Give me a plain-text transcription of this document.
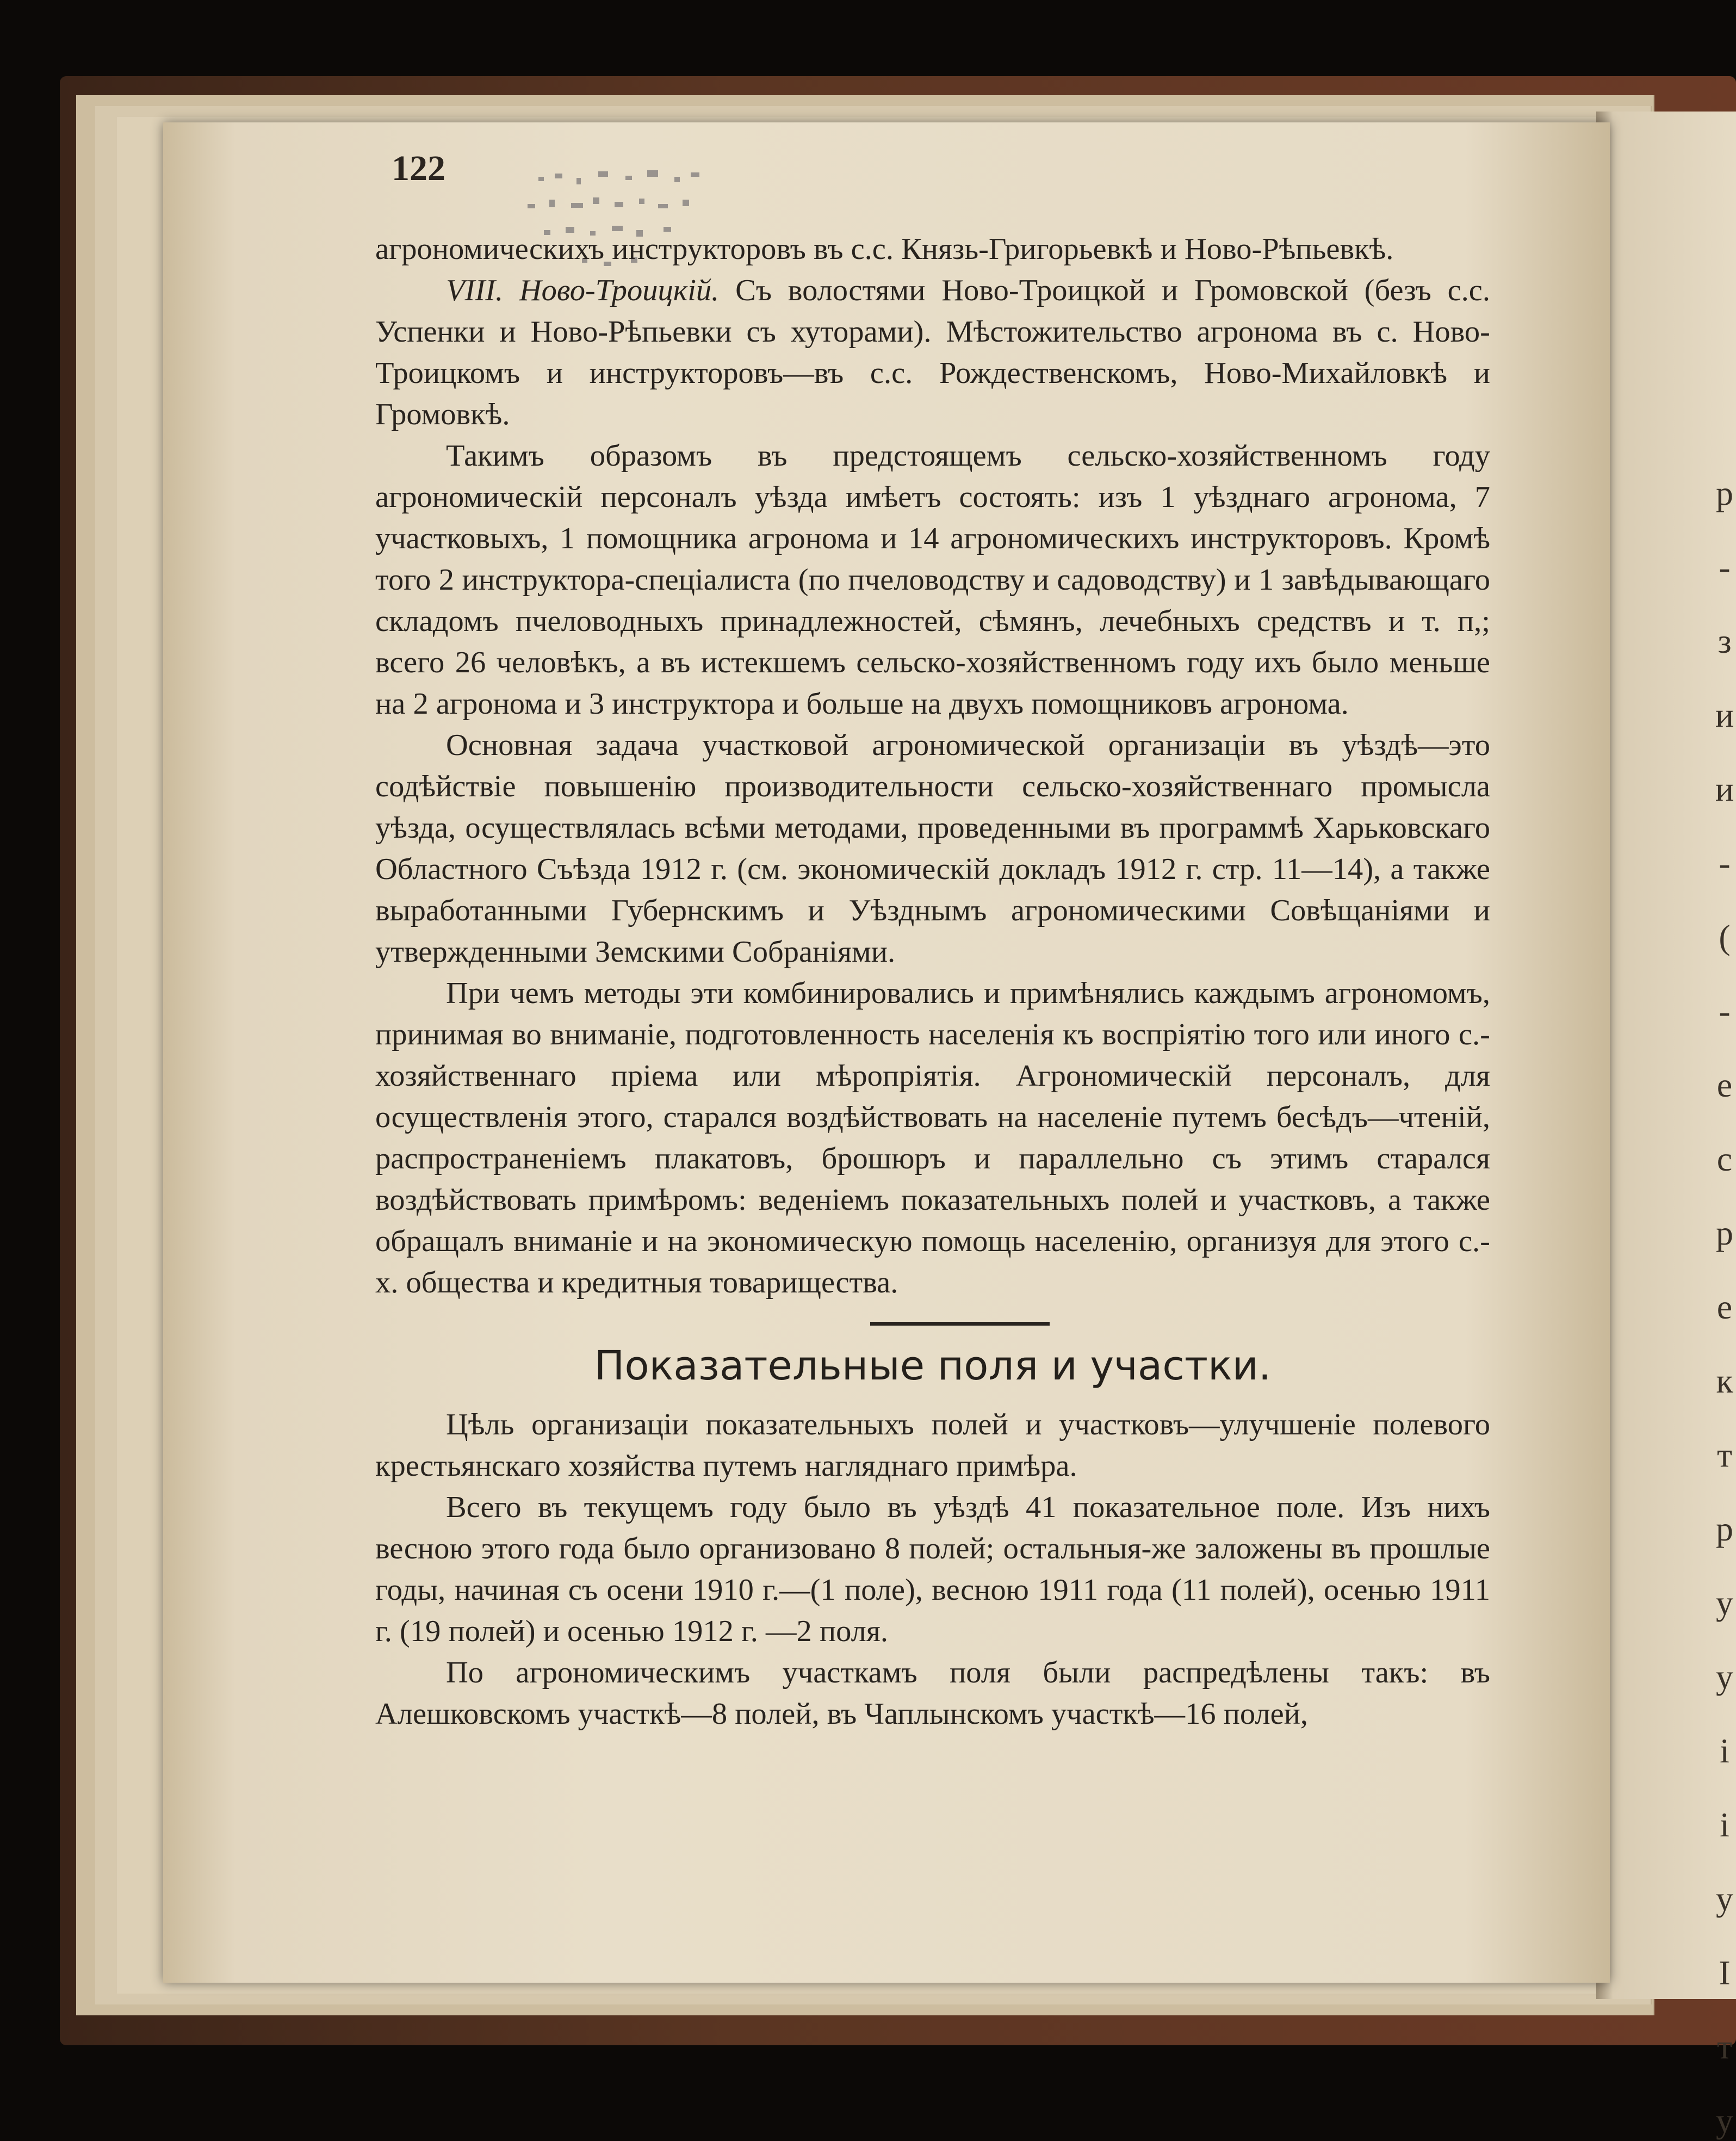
р
-
з
и
и
-
(
-
е
с
р
е
к
т
р
у
у
і
і
у
І
т
у
122

агрономическихъ инструкторовъ въ с.с. Князь-Григорьевкѣ и Ново-Рѣпьевкѣ.

VIII. Ново-Троицкій. Съ волостями Ново-Троицкой и Громовской (безъ с.с. Успенки и Ново-Рѣпьевки съ хуторами). Мѣстожительство агронома въ с. Ново-Троицкомъ и инструкторовъ—въ с.с. Рождественскомъ, Ново-Михайловкѣ и Громовкѣ.

Такимъ образомъ въ предстоящемъ сельско-хозяйственномъ году агрономическій персоналъ уѣзда имѣетъ состоять: изъ 1 уѣзднаго агронома, 7 участковыхъ, 1 помощника агронома и 14 агрономическихъ инструкторовъ. Кромѣ того 2 инструктора-спеціалиста (по пчеловодству и садоводству) и 1 завѣдывающаго складомъ пчеловодныхъ принадлежностей, сѣмянъ, лечебныхъ средствъ и т. п,; всего 26 человѣкъ, а въ истекшемъ сельско-хозяйственномъ году ихъ было меньше на 2 агронома и 3 инструктора и больше на двухъ помощниковъ агронома.

Основная задача участковой агрономической организаціи въ уѣздѣ—это содѣйствіе повышенію производительности сельско-хозяйственнаго промысла уѣзда, осуществлялась всѣми методами, проведенными въ программѣ Харьковскаго Областного Съѣзда 1912 г. (см. экономическій докладъ 1912 г. стр. 11—14), а также выработанными Губернскимъ и Уѣзднымъ агрономическими Совѣщаніями и утвержденными Земскими Собраніями.

При чемъ методы эти комбинировались и примѣнялись каждымъ агрономомъ, принимая во вниманіе, подготовленность населенія къ воспріятію того или иного с.-хозяйственнаго пріема или мѣропріятія. Агрономическій персоналъ, для осуществленія этого, старался воздѣйствовать на населеніе путемъ бесѣдъ—чтеній, распространеніемъ плакатовъ, брошюръ и параллельно съ этимъ старался воздѣйствовать примѣромъ: веденіемъ показательныхъ полей и участковъ, а также обращалъ вниманіе и на экономическую помощь населенію, организуя для этого с.-х. общества и кредитныя товарищества.

Показательные поля и участки.

Цѣль организаціи показательныхъ полей и участковъ—улучшеніе полевого крестьянскаго хозяйства путемъ нагляднаго примѣра.

Всего въ текущемъ году было въ уѣздѣ 41 показательное поле. Изъ нихъ весною этого года было организовано 8 полей; остальныя-же заложены въ прошлые годы, начиная съ осени 1910 г.—(1 поле), весною 1911 года (11 полей), осенью 1911 г. (19 полей) и осенью 1912 г. —2 поля.

По агрономическимъ участкамъ поля были распредѣлены такъ: въ Алешковскомъ участкѣ—8 полей, въ Чаплынскомъ участкѣ—16 полей,
